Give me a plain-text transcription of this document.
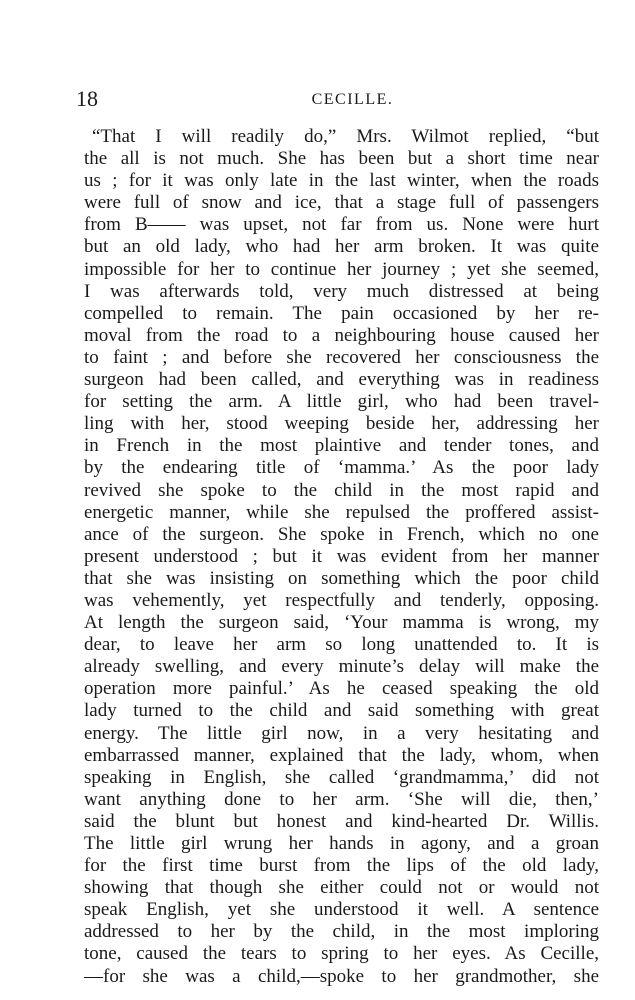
18	CECILLE.
“That I will readily do,” Mrs. Wilmot replied, “but
the all is not much. She has been but a short time near
us ; for it was only late in the last winter, when the roads
were full of snow and ice, that a stage full of passengers
from B—— was upset, not far from us. None were hurt
but an old lady, who had her arm broken. It was quite
impossible for her to continue her journey ; yet she seemed,
I was afterwards told, very much distressed at being
compelled to remain. The pain occasioned by her re-
moval from the road to a neighbouring house caused her
to faint ; and before she recovered her consciousness the
surgeon had been called, and everything was in readiness
for setting the arm. A little girl, who had been travel-
ling with her, stood weeping beside her, addressing her
in French in the most plaintive and tender tones, and
by the endearing title of ‘mamma.’ As the poor lady
revived she spoke to the child in the most rapid and
energetic manner, while she repulsed the proffered assist-
ance of the surgeon. She spoke in French, which no one
present understood ; but it was evident from her manner
that she was insisting on something which the poor child
was vehemently, yet respectfully and tenderly, opposing.
At length the surgeon said, ‘Your mamma is wrong, my
dear, to leave her arm so long unattended to. It is
already swelling, and every minute’s delay will make the
operation more painful.’ As he ceased speaking the old
lady turned to the child and said something with great
energy. The little girl now, in a very hesitating and
embarrassed manner, explained that the lady, whom, when
speaking in English, she called ‘grandmamma,’ did not
want anything done to her arm. ‘She will die, then,’
said the blunt but honest and kind-hearted Dr. Willis.
The little girl wrung her hands in agony, and a groan
for the first time burst from the lips of the old lady,
showing that though she either could not or would not
speak English, yet she understood it well. A sentence
addressed to her by the child, in the most imploring
tone, caused the tears to spring to her eyes. As Cecille,
—for she was a child,—spoke to her grandmother, she
